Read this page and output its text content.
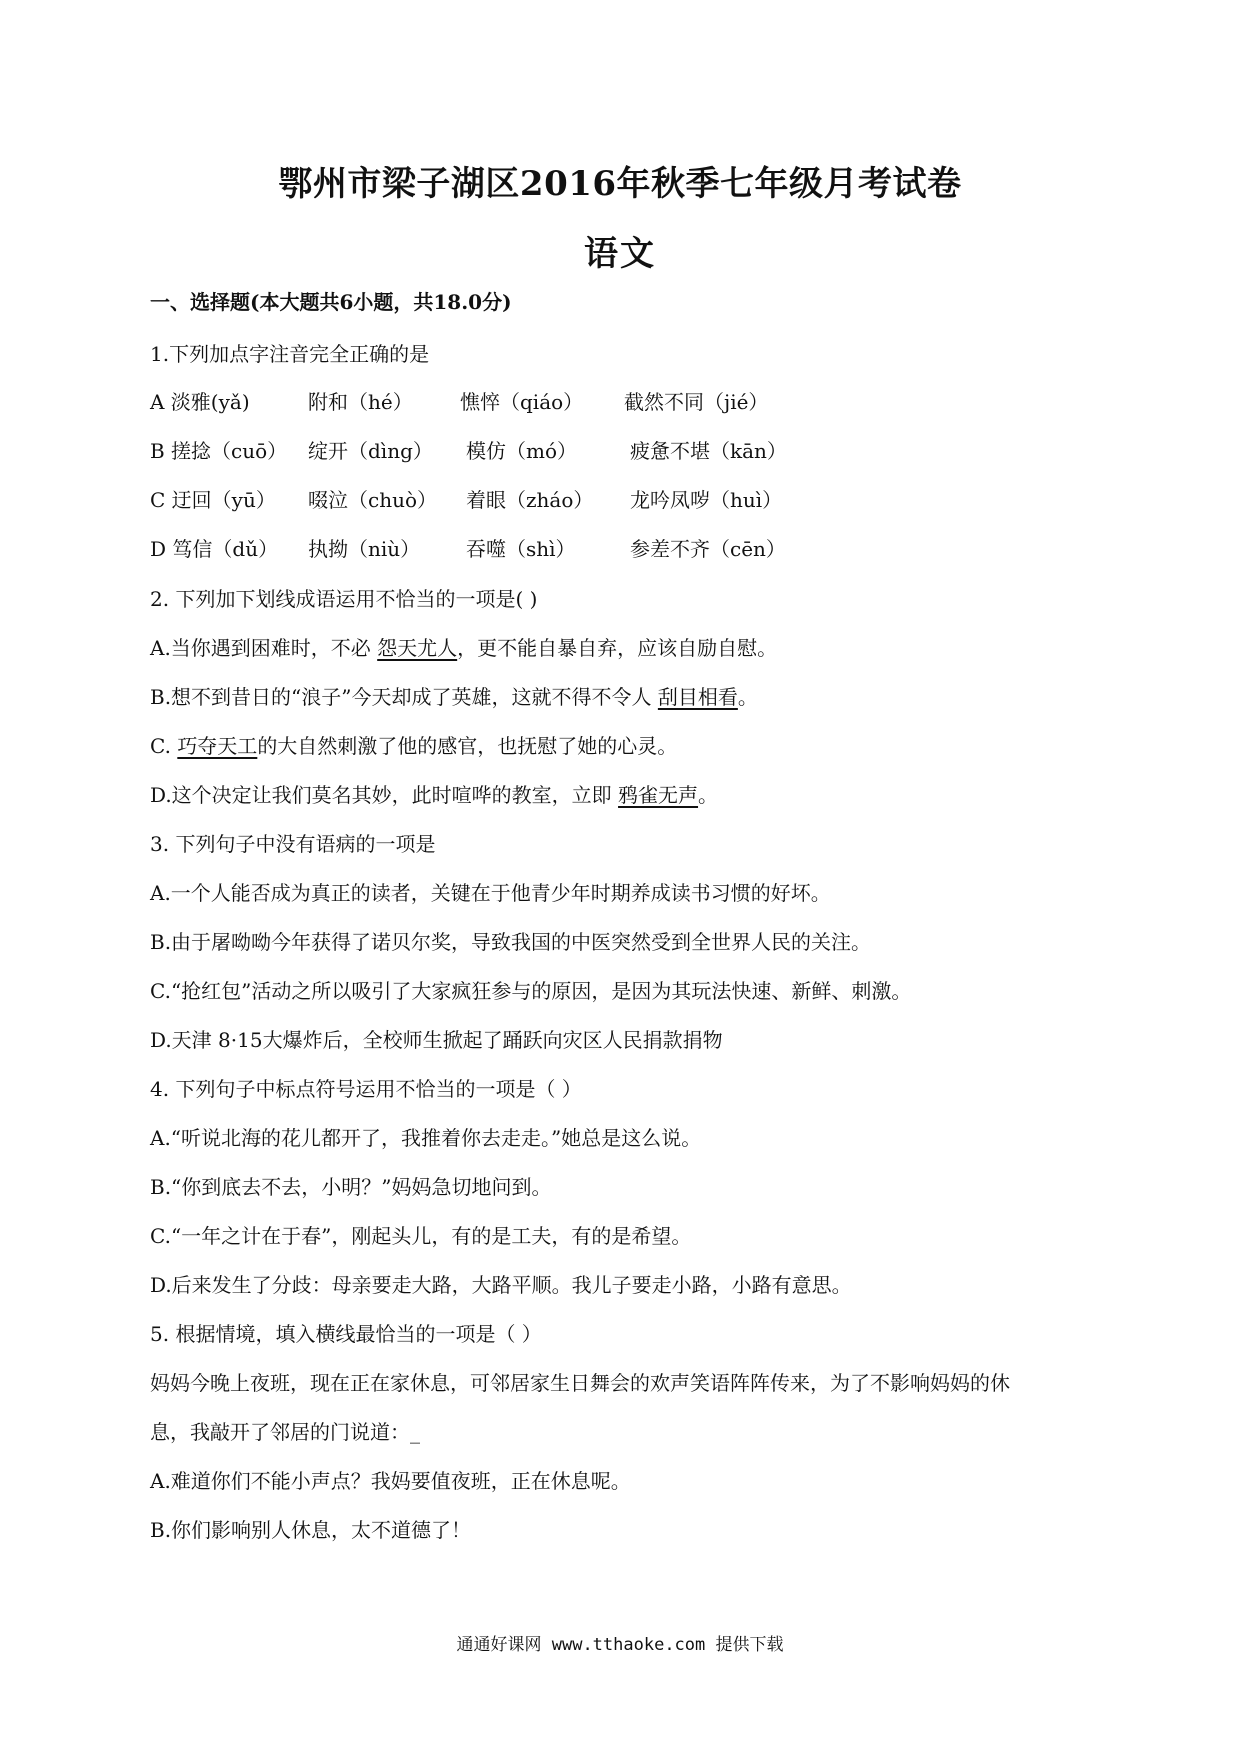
鄂州市梁子湖区2016年秋季七年级月考试卷
语文
一、选择题(本大题共6小题，共18.0分)
1.下列加点字注音完全正确的是
A 淡雅(yǎ)	附和（hé） 憔悴（qiáo） 截然不同（jié）
B 搓捻（cuō） 绽开（dìng） 模仿（mó）	疲惫不堪（kān）
C 迂回（yū） 啜泣（chuò） 着眼（zháo） 龙吟凤哕（huì）
D 笃信（dǔ） 执拗（niù） 吞噬（shì）	参差不齐（cēn）
2. 下列加下划线成语运用不恰当的一项是( )
A.当你遇到困难时，不必 怨天尤人，更不能自暴自弃，应该自励自慰。
B.想不到昔日的“浪子”今天却成了英雄，这就不得不令人 刮目相看。
C. 巧夺天工的大自然刺激了他的感官，也抚慰了她的心灵。
D.这个决定让我们莫名其妙，此时喧哗的教室，立即 鸦雀无声。
3. 下列句子中没有语病的一项是
A.一个人能否成为真正的读者，关键在于他青少年时期养成读书习惯的好坏。
B.由于屠呦呦今年获得了诺贝尔奖，导致我国的中医突然受到全世界人民的关注。
C.“抢红包”活动之所以吸引了大家疯狂参与的原因，是因为其玩法快速、新鲜、刺激。
D.天津 8·15大爆炸后，全校师生掀起了踊跃向灾区人民捐款捐物
4. 下列句子中标点符号运用不恰当的一项是（ ）
A.“听说北海的花儿都开了，我推着你去走走。”她总是这么说。
B.“你到底去不去，小明？”妈妈急切地问到。
C.“一年之计在于春”，刚起头儿，有的是工夫，有的是希望。
D.后来发生了分歧：母亲要走大路，大路平顺。我儿子要走小路，小路有意思。
5. 根据情境，填入横线最恰当的一项是（ ）
妈妈今晚上夜班，现在正在家休息，可邻居家生日舞会的欢声笑语阵阵传来，为了不影响妈妈的休
息，我敲开了邻居的门说道：_
A.难道你们不能小声点？我妈要值夜班，正在休息呢。
B.你们影响别人休息，太不道德了！
通通好课网 www.tthaoke.com 提供下载
